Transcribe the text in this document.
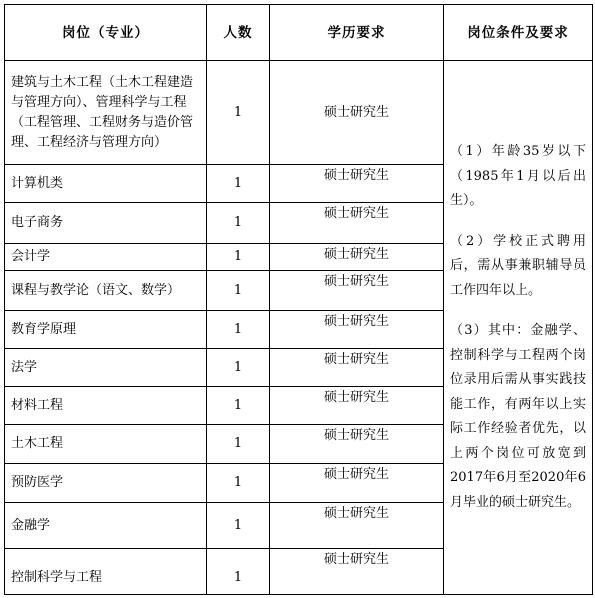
岗位（专业）	人数	学历要求	岗位条件及要求
建筑与土木工程（土木工程建造与管理方向）、管理科学与工程（工程管理、工程财务与造价管理、工程经济与管理方向）	1	硕士研究生	（1）年龄35岁以下（1985年1月以后出生）。

（2）学校正式聘用后，需从事兼职辅导员工作四年以上。

（3）其中：金融学、控制科学与工程两个岗位录用后需从事实践技能工作，有两年以上实际工作经验者优先，以上两个岗位可放宽到2017年6月至2020年6月毕业的硕士研究生。

计算机类	1	硕士研究生	
电子商务	1	硕士研究生	
会计学	1	硕士研究生	
课程与教学论（语文、数学）	1	硕士研究生	
教育学原理	1	硕士研究生	
法学	1	硕士研究生	
材料工程	1	硕士研究生	
土木工程	1	硕士研究生	
预防医学	1	硕士研究生	
金融学	1	硕士研究生	
控制科学与工程	1	硕士研究生	
